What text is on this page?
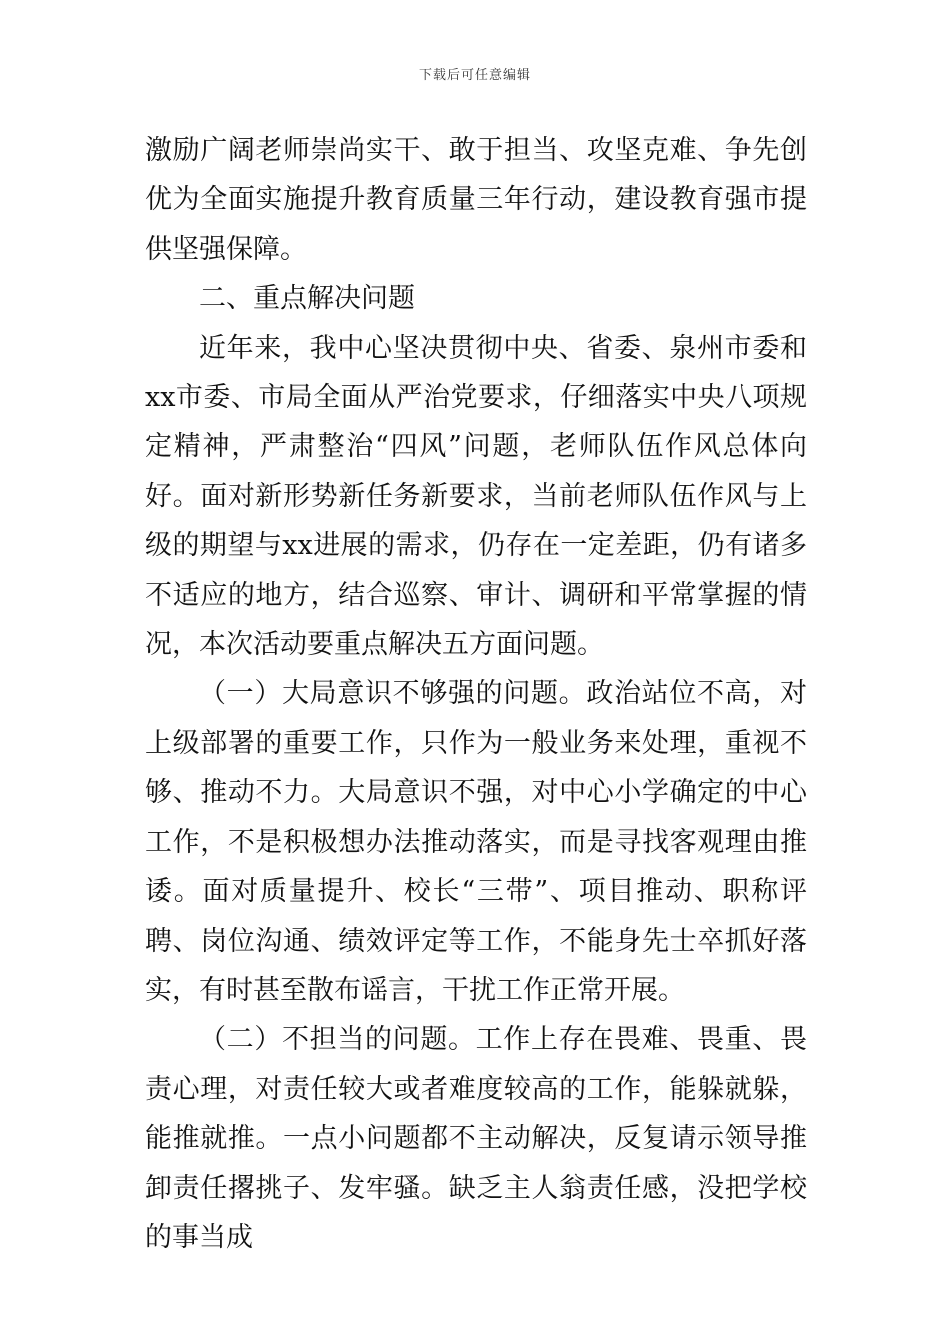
下载后可任意编辑

激励广阔老师崇尚实干、敢于担当、攻坚克难、争先创优为全面实施提升教育质量三年行动，建设教育强市提供坚强保障。

二、重点解决问题

近年来，我中心坚决贯彻中央、省委、泉州市委和xx市委、市局全面从严治党要求，仔细落实中央八项规定精神，严肃整治“四风”问题，老师队伍作风总体向好。面对新形势新任务新要求，当前老师队伍作风与上级的期望与xx进展的需求，仍存在一定差距，仍有诸多不适应的地方，结合巡察、审计、调研和平常掌握的情况，本次活动要重点解决五方面问题。

（一）大局意识不够强的问题。政治站位不高，对上级部署的重要工作，只作为一般业务来处理，重视不够、推动不力。大局意识不强，对中心小学确定的中心工作，不是积极想办法推动落实，而是寻找客观理由推诿。面对质量提升、校长“三带”、项目推动、职称评聘、岗位沟通、绩效评定等工作，不能身先士卒抓好落实，有时甚至散布谣言，干扰工作正常开展。

（二）不担当的问题。工作上存在畏难、畏重、畏责心理，对责任较大或者难度较高的工作，能躲就躲，能推就推。一点小问题都不主动解决，反复请示领导推卸责任撂挑子、发牢骚。缺乏主人翁责任感，没把学校的事当成
